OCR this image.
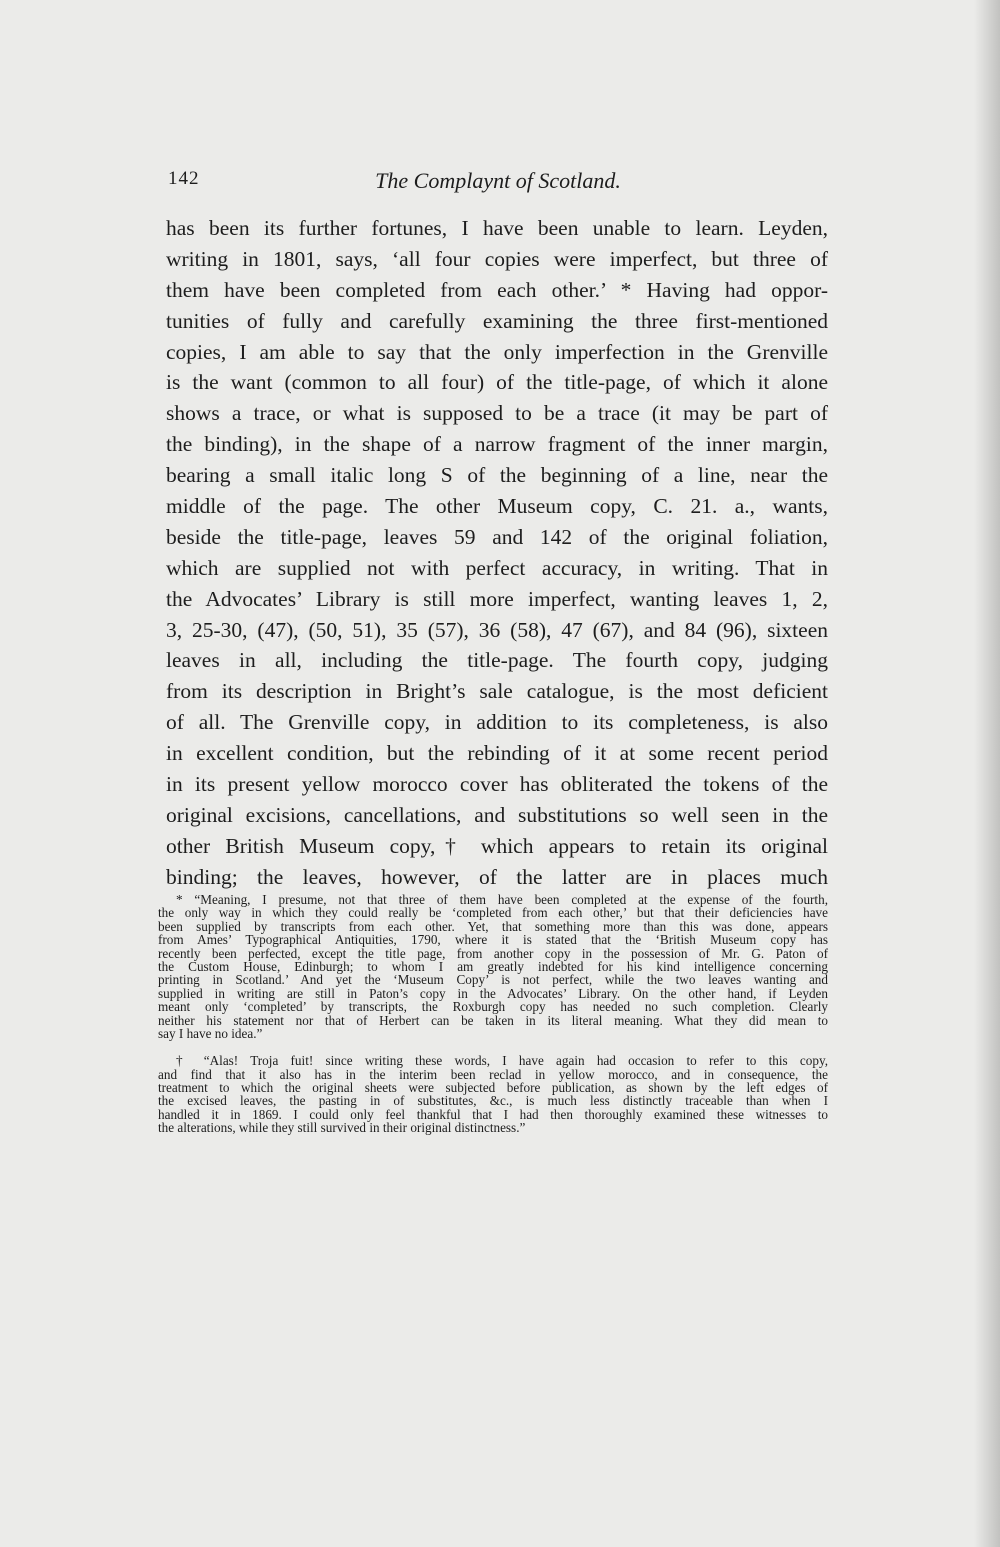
142	The Complaynt of Scotland.
has been its further fortunes, I have been unable to learn. Leyden,
writing in 1801, says, ‘all four copies were imperfect, but three of
them have been completed from each other.’ * Having had oppor-
tunities of fully and carefully examining the three first-mentioned
copies, I am able to say that the only imperfection in the Grenville
is the want (common to all four) of the title-page, of which it alone
shows a trace, or what is supposed to be a trace (it may be part of
the binding), in the shape of a narrow fragment of the inner margin,
bearing a small italic long S of the beginning of a line, near the
middle of the page. The other Museum copy, C. 21. a., wants,
beside the title-page, leaves 59 and 142 of the original foliation,
which are supplied not with perfect accuracy, in writing. That in
the Advocates’ Library is still more imperfect, wanting leaves 1, 2,
3, 25-30, (47), (50, 51), 35 (57), 36 (58), 47 (67), and 84 (96), sixteen
leaves in all, including the title-page. The fourth copy, judging
from its description in Bright’s sale catalogue, is the most deficient
of all. The Grenville copy, in addition to its completeness, is also
in excellent condition, but the rebinding of it at some recent period
in its present yellow morocco cover has obliterated the tokens of the
original excisions, cancellations, and substitutions so well seen in the
other British Museum copy,† which appears to retain its original
binding; the leaves, however, of the latter are in places much
* “Meaning, I presume, not that three of them have been completed at the expense of the fourth,
the only way in which they could really be ‘completed from each other,’ but that their deficiencies have
been supplied by transcripts from each other. Yet, that something more than this was done, appears
from Ames’ Typographical Antiquities, 1790, where it is stated that the ‘British Museum copy has
recently been perfected, except the title page, from another copy in the possession of Mr. G. Paton of
the Custom House, Edinburgh; to whom I am greatly indebted for his kind intelligence concerning
printing in Scotland.’ And yet the ‘Museum Copy’ is not perfect, while the two leaves wanting and
supplied in writing are still in Paton’s copy in the Advocates’ Library. On the other hand, if Leyden
meant only ‘completed’ by transcripts, the Roxburgh copy has needed no such completion. Clearly
neither his statement nor that of Herbert can be taken in its literal meaning. What they did mean to
say I have no idea.”
† “Alas! Troja fuit! since writing these words, I have again had occasion to refer to this copy,
and find that it also has in the interim been reclad in yellow morocco, and in consequence, the
treatment to which the original sheets were subjected before publication, as shown by the left edges of
the excised leaves, the pasting in of substitutes, &c., is much less distinctly traceable than when I
handled it in 1869. I could only feel thankful that I had then thoroughly examined these witnesses to
the alterations, while they still survived in their original distinctness.”
